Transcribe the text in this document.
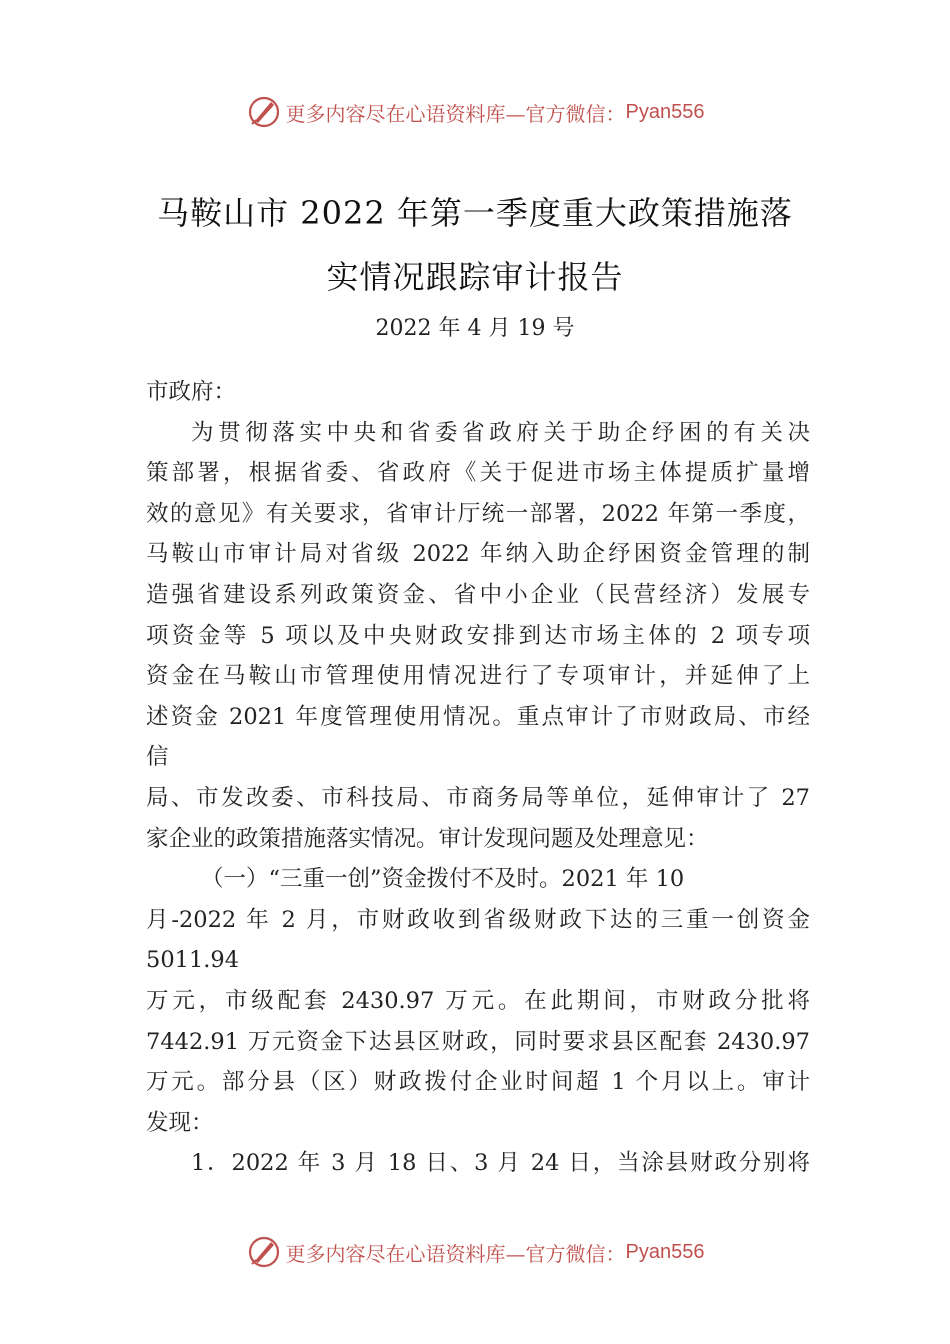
更多内容尽在心语资料库—官方微信： Pyan556
马鞍山市 2022 年第一季度重大政策措施落
实情况跟踪审计报告
2022 年 4 月 19 号
市政府：
为贯彻落实中央和省委省政府关于助企纾困的有关决
策部署，根据省委、省政府《关于促进市场主体提质扩量增
效的意见》有关要求，省审计厅统一部署，2022 年第一季度，
马鞍山市审计局对省级 2022 年纳入助企纾困资金管理的制
造强省建设系列政策资金、省中小企业（民营经济）发展专
项资金等 5 项以及中央财政安排到达市场主体的 2 项专项
资金在马鞍山市管理使用情况进行了专项审计，并延伸了上
述资金 2021 年度管理使用情况。重点审计了市财政局、市经
信
局、市发改委、市科技局、市商务局等单位，延伸审计了 27
家企业的政策措施落实情况。审计发现问题及处理意见：
（一）“三重一创”资金拨付不及时。2021 年 10
月-2022 年 2 月，市财政收到省级财政下达的三重一创资金
5011.94
万元，市级配套 2430.97 万元。在此期间，市财政分批将
7442.91 万元资金下达县区财政，同时要求县区配套 2430.97
万元。部分县（区）财政拨付企业时间超 1 个月以上。审计
发现：
1．2022 年 3 月 18 日、3 月 24 日，当涂县财政分别将
更多内容尽在心语资料库—官方微信： Pyan556
